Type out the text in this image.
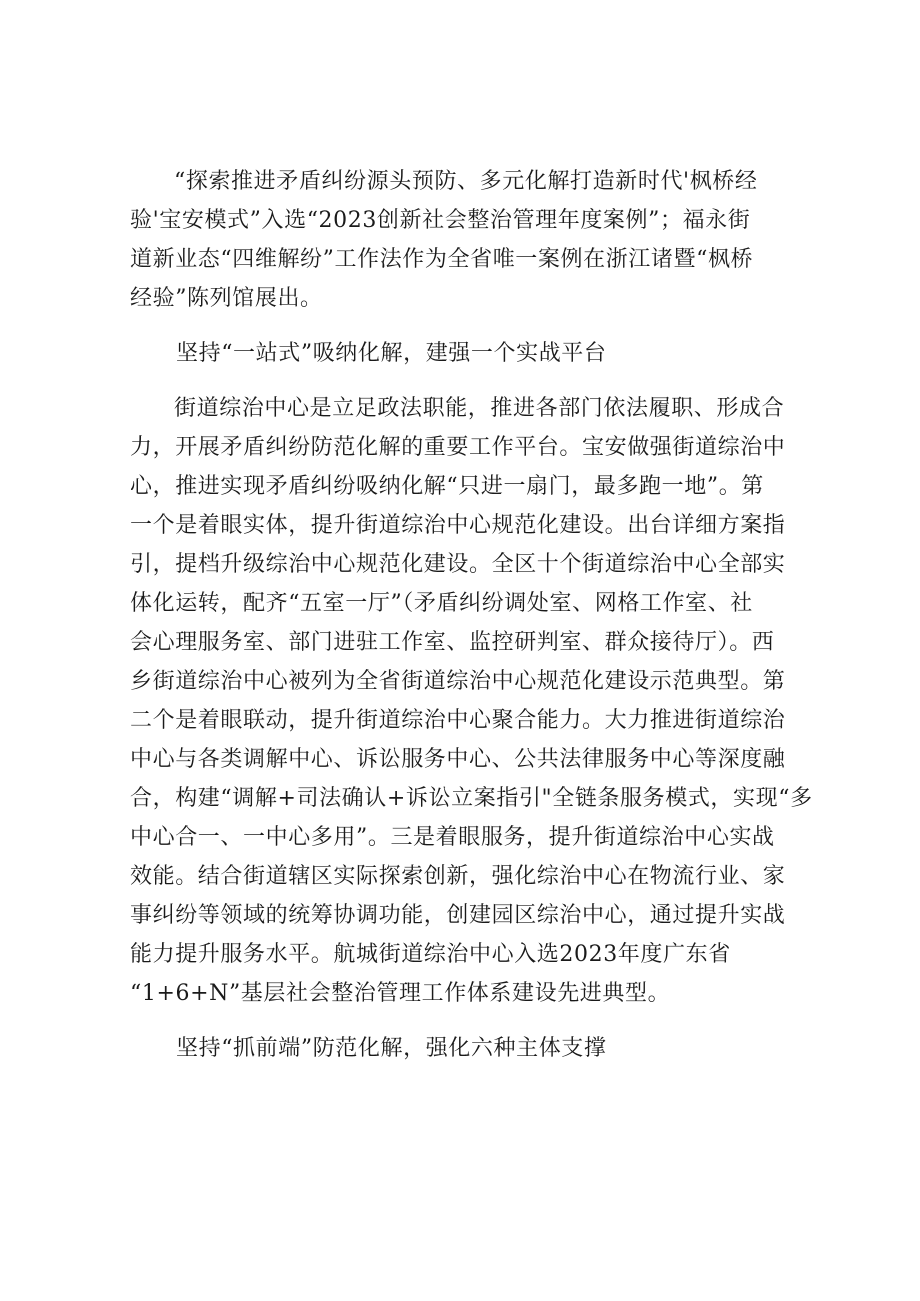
“探索推进矛盾纠纷源头预防、多元化解打造新时代'枫桥经
验'宝安模式”入选“2023创新社会整治管理年度案例”；福永街
道新业态“四维解纷”工作法作为全省唯一案例在浙江诸暨“枫桥
经验”陈列馆展出。
坚持“一站式”吸纳化解，建强一个实战平台
街道综治中心是立足政法职能，推进各部门依法履职、形成合
力，开展矛盾纠纷防范化解的重要工作平台。宝安做强街道综治中
心，推进实现矛盾纠纷吸纳化解“只进一扇门，最多跑一地”。第
一个是着眼实体，提升街道综治中心规范化建设。出台详细方案指
引，提档升级综治中心规范化建设。全区十个街道综治中心全部实
体化运转，配齐“五室一厅”（矛盾纠纷调处室、网格工作室、社
会心理服务室、部门进驻工作室、监控研判室、群众接待厅）。西
乡街道综治中心被列为全省街道综治中心规范化建设示范典型。第
二个是着眼联动，提升街道综治中心聚合能力。大力推进街道综治
中心与各类调解中心、诉讼服务中心、公共法律服务中心等深度融
合，构建“调解+司法确认+诉讼立案指引"全链条服务模式，实现“多
中心合一、一中心多用”。三是着眼服务，提升街道综治中心实战
效能。结合街道辖区实际探索创新，强化综治中心在物流行业、家
事纠纷等领域的统筹协调功能，创建园区综治中心，通过提升实战
能力提升服务水平。航城街道综治中心入选2023年度广东省
“1+6+N”基层社会整治管理工作体系建设先进典型。
坚持“抓前端”防范化解，强化六种主体支撑
